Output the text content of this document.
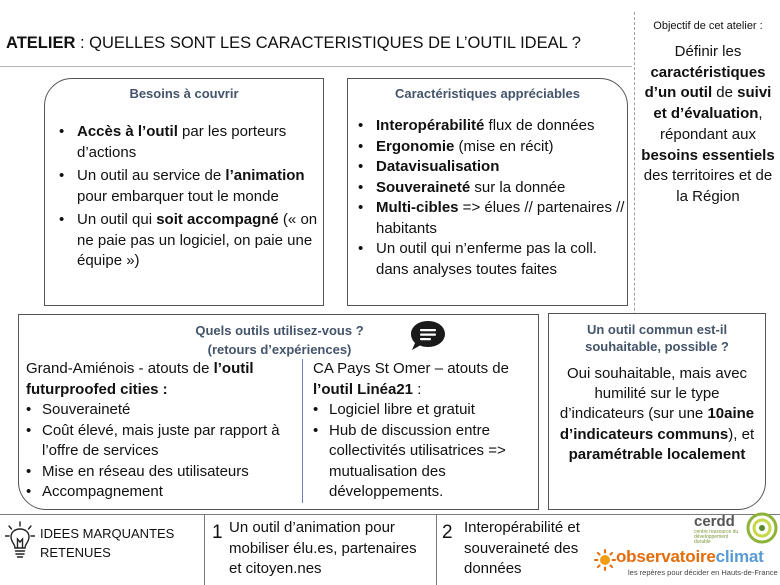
ATELIER : QUELLES SONT LES CARACTERISTIQUES DE L’OUTIL IDEAL ?
Objectif de cet atelier :
Définir les caractéristiques d’un outil de suivi et d’évaluation, répondant aux besoins essentiels des territoires et de la Région
Besoins à couvrir
• Accès à l’outil par les porteurs d’actions
• Un outil au service de l’animation pour embarquer tout le monde
• Un outil qui soit accompagné (« on ne paie pas un logiciel, on paie une équipe »)
Caractéristiques appréciables
• Interopérabilité flux de données
• Ergonomie (mise en récit)
• Datavisualisation
• Souveraineté sur la donnée
• Multi-cibles => élues // partenaires // habitants
• Un outil qui n’enferme pas la coll. dans analyses toutes faites
Quels outils utilisez-vous ?
(retours d’expériences)
Grand-Amiénois - atouts de l’outil futurproofed cities :
• Souveraineté
• Coût élevé, mais juste par rapport à l’offre de services
• Mise en réseau des utilisateurs
• Accompagnement
CA Pays St Omer – atouts de l’outil Linéa21 :
• Logiciel libre et gratuit
• Hub de discussion entre collectivités utilisatrices => mutualisation des développements.
Un outil commun est-il
souhaitable, possible ?
Oui souhaitable, mais avec humilité sur le type d’indicateurs (sur une 10aine d’indicateurs communs), et paramétrable localement
IDEES MARQUANTES RETENUES
1 Un outil d’animation pour mobiliser élu.es, partenaires et citoyen.nes
2 Interopérabilité et souveraineté des données
cerdd
centre ressource du développement durable
observatoireclimat
les repères pour décider en Hauts-de-France
